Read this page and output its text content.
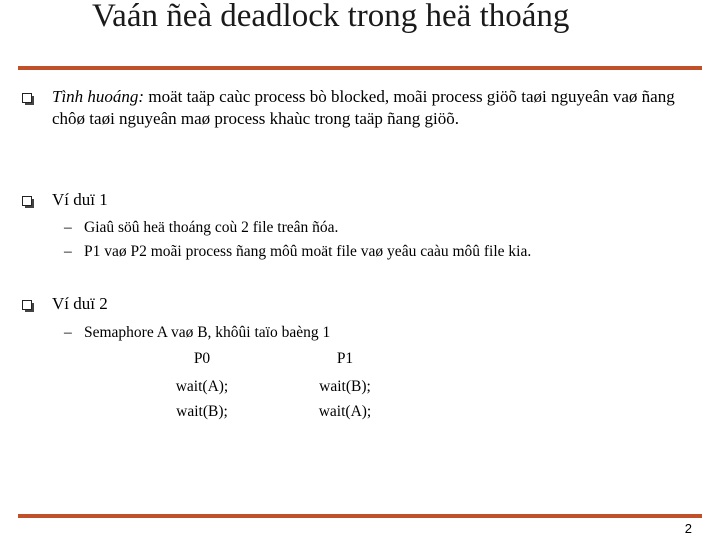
Vaán ñeà deadlock trong heä thoáng
Tình huoáng: moät taäp caùc process bò blocked, moãi process giöõ taøi nguyeân vaø ñang chôø taøi nguyeân maø process khaùc trong taäp ñang giöõ.
Ví duï 1
– Giaû söû heä thoáng coù 2 file treân ñóa.
– P1 vaø P2 moãi process ñang môû moät file vaø yeâu caàu môû file kia.
Ví duï 2
– Semaphore A vaø B, khôûi taïo baèng 1
P0
wait(A);
wait(B);
P1
wait(B);
wait(A);
2
